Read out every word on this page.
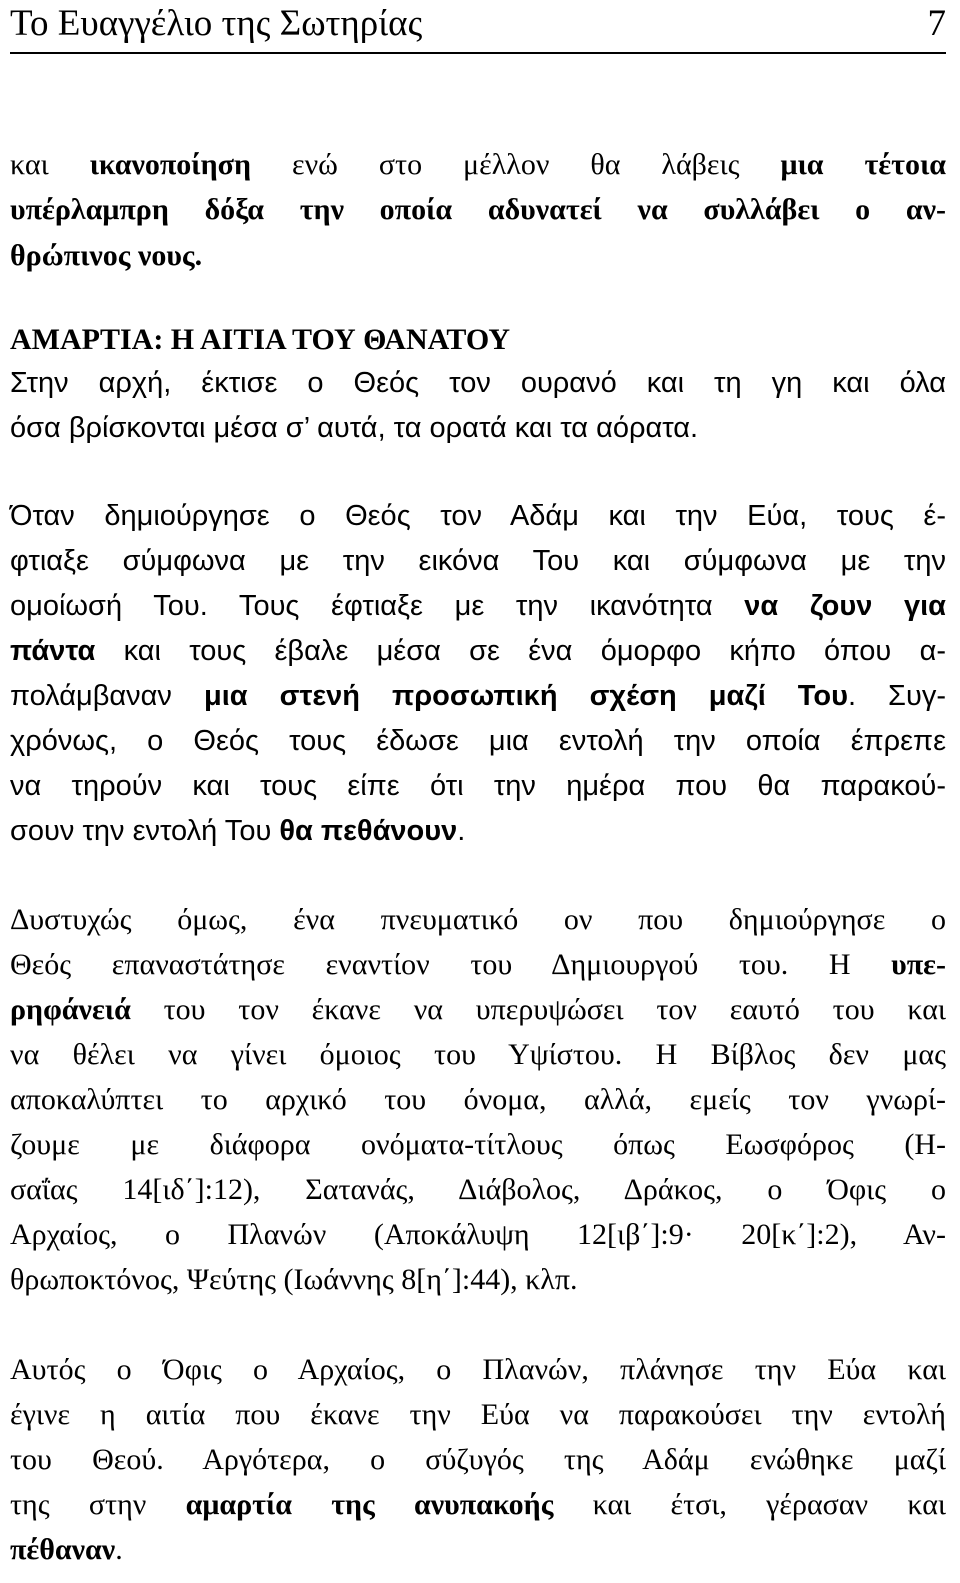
Το Ευαγγέλιο της Σωτηρίας	7
και ικανοποίηση ενώ στο μέλλον θα λάβεις μια τέτοια
υπέρλαμπρη δόξα την οποία αδυνατεί να συλλάβει ο αν-
θρώπινος νους.
ΑΜΑΡΤΙΑ: Η ΑΙΤΙΑ ΤΟΥ ΘΑΝΑΤΟΥ
Στην αρχή, έκτισε ο Θεός τον ουρανό και τη γη και όλα
όσα βρίσκονται μέσα σ’ αυτά, τα ορατά και τα αόρατα.
Όταν δημιούργησε ο Θεός τον Αδάμ και την Εύα, τους έ-
φτιαξε σύμφωνα με την εικόνα Του και σύμφωνα με την
ομοίωσή Του. Τους έφτιαξε με την ικανότητα να ζουν για
πάντα και τους έβαλε μέσα σε ένα όμορφο κήπο όπου α-
πολάμβαναν μια στενή προσωπική σχέση μαζί Του. Συγ-
χρόνως, ο Θεός τους έδωσε μια εντολή την οποία έπρεπε
να τηρούν και τους είπε ότι την ημέρα που θα παρακού-
σουν την εντολή Του θα πεθάνουν.
Δυστυχώς όμως, ένα πνευματικό ον που δημιούργησε ο
Θεός επαναστάτησε εναντίον του Δημιουργού του. Η υπε-
ρηφάνειά του τον έκανε να υπερυψώσει τον εαυτό του και
να θέλει να γίνει όμοιος του Υψίστου. Η Βίβλος δεν μας
αποκαλύπτει το αρχικό του όνομα, αλλά, εμείς τον γνωρί-
ζουμε με διάφορα ονόματα-τίτλους όπως Εωσφόρος (Η-
σαΐας 14[ιδ΄]:12), Σατανάς, Διάβολος, Δράκος, ο Όφις ο
Αρχαίος, ο Πλανών (Αποκάλυψη 12[ιβ΄]:9· 20[κ΄]:2), Αν-
θρωποκτόνος, Ψεύτης (Ιωάννης 8[η΄]:44), κλπ.
Αυτός ο Όφις ο Αρχαίος, ο Πλανών, πλάνησε την Εύα και
έγινε η αιτία που έκανε την Εύα να παρακούσει την εντολή
του Θεού. Αργότερα, ο σύζυγός της Αδάμ ενώθηκε μαζί
της στην αμαρτία της ανυπακοής και έτσι, γέρασαν και
πέθαναν.
